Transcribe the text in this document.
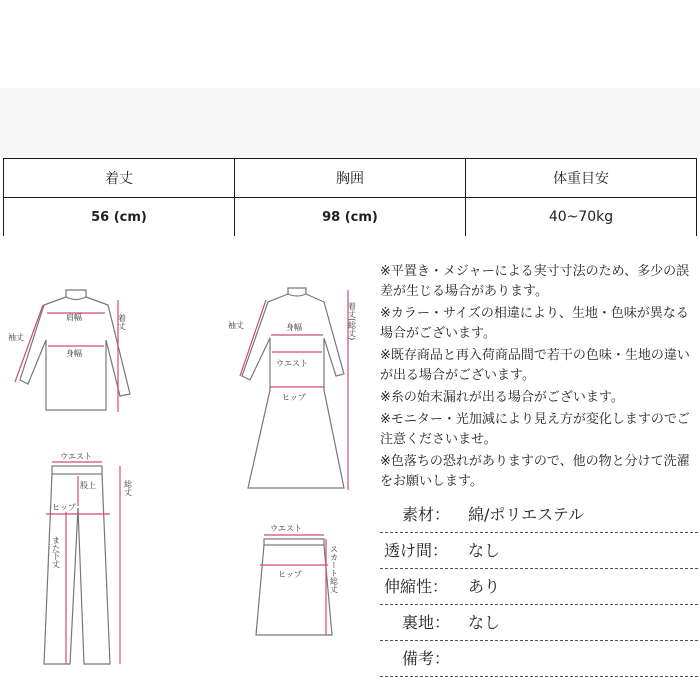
着丈	胸囲	体重目安
56 (cm)	98 (cm)	40~70kg
肩幅
身幅
着丈
袖丈
身幅
ウエスト
ヒップ
着丈(総丈)
袖丈
ウエスト
股上
ヒップ
総丈
また下丈
ウエスト
ヒップ	スカート総丈
※平置き・メジャーによる実寸寸法のため、多少の誤差が生じる場合があります。
※カラー・サイズの相違により、生地・色味が異なる場合がございます。
※既存商品と再入荷商品間で若干の色味・生地の違いが出る場合がございます。
※糸の始末漏れが出る場合がございます。
※モニター・光加減により見え方が変化しますのでご注意くださいませ。
※色落ちの恐れがありますので、他の物と分けて洗濯をお願いします。
素材： 綿/ポリエステル
透け間： なし
伸縮性： あり
裏地： なし
備考：
